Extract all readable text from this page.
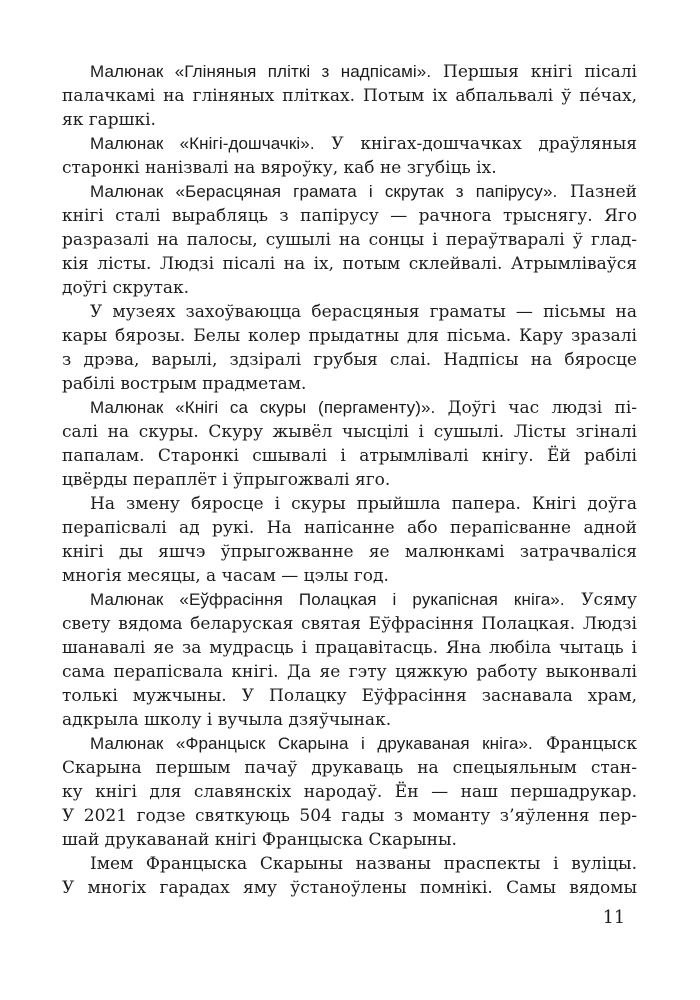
Малюнак «Гліняныя пліткі з надпісамі». Першыя кнігі пісалі
палачкамі на гліняных плітках. Потым іх абпальвалі ў пе́чах,
як гаршкі.
Малюнак «Кнігі-дошчачкі». У кнігах-дошчачках драўляныя
старонкі нанізвалі на вяроўку, каб не згубіць іх.
Малюнак «Берасцяная грамата і скрутак з папірусу». Пазней
кнігі сталі вырабляць з папірусу — рачнога трыснягу. Яго
разразалі на палосы, сушылі на сонцы і пераўтваралі ў глад-
кія лісты. Людзі пісалі на іх, потым склейвалі. Атрымліваўся
доўгі скрутак.
У музеях захоўваюцца берасцяныя граматы — пісьмы на
кары бярозы. Белы колер прыдатны для пісьма. Кару зразалі
з дрэва, варылі, здзіралі грубыя слаі. Надпісы на бяросце
рабілі вострым прадметам.
Малюнак «Кнігі са скуры (пергаменту)». Доўгі час людзі пі-
салі на скуры. Скуру жывёл чысцілі і сушылі. Лісты згіналі
папалам. Старонкі сшывалі і атрымлівалі кнігу. Ёй рабілі
цвёрды пераплёт і ўпрыгожвалі яго.
На змену бяросце і скуры прыйшла папера. Кнігі доўга
перапісвалі ад рукі. На напісанне або перапісванне адной
кнігі ды яшчэ ўпрыгожванне яе малюнкамі затрачваліся
многія месяцы, а часам — цэлы год.
Малюнак «Еўфрасіння Полацкая і рукапісная кніга». Усяму
свету вядома беларуская святая Еўфрасіння Полацкая. Людзі
шанавалі яе за мудрасць і працавітасць. Яна любіла чытаць і
сама перапісвала кнігі. Да яе гэту цяжкую работу выконвалі
толькі мужчыны. У Полацку Еўфрасіння заснавала храм,
адкрыла школу і вучыла дзяўчынак.
Малюнак «Францыск Скарына і друкаваная кніга». Францыск
Скарына першым пачаў друкаваць на спецыяльным стан-
ку кнігі для славянскіх народаў. Ён — наш першадрукар.
У 2021 годзе святкуюць 504 гады з моманту з’яўлення пер-
шай друкаванай кнігі Францыска Скарыны.
Імем Францыска Скарыны названы праспекты і вуліцы.
У многіх гарадах яму ўстаноўлены помнікі. Самы вядомы
11
